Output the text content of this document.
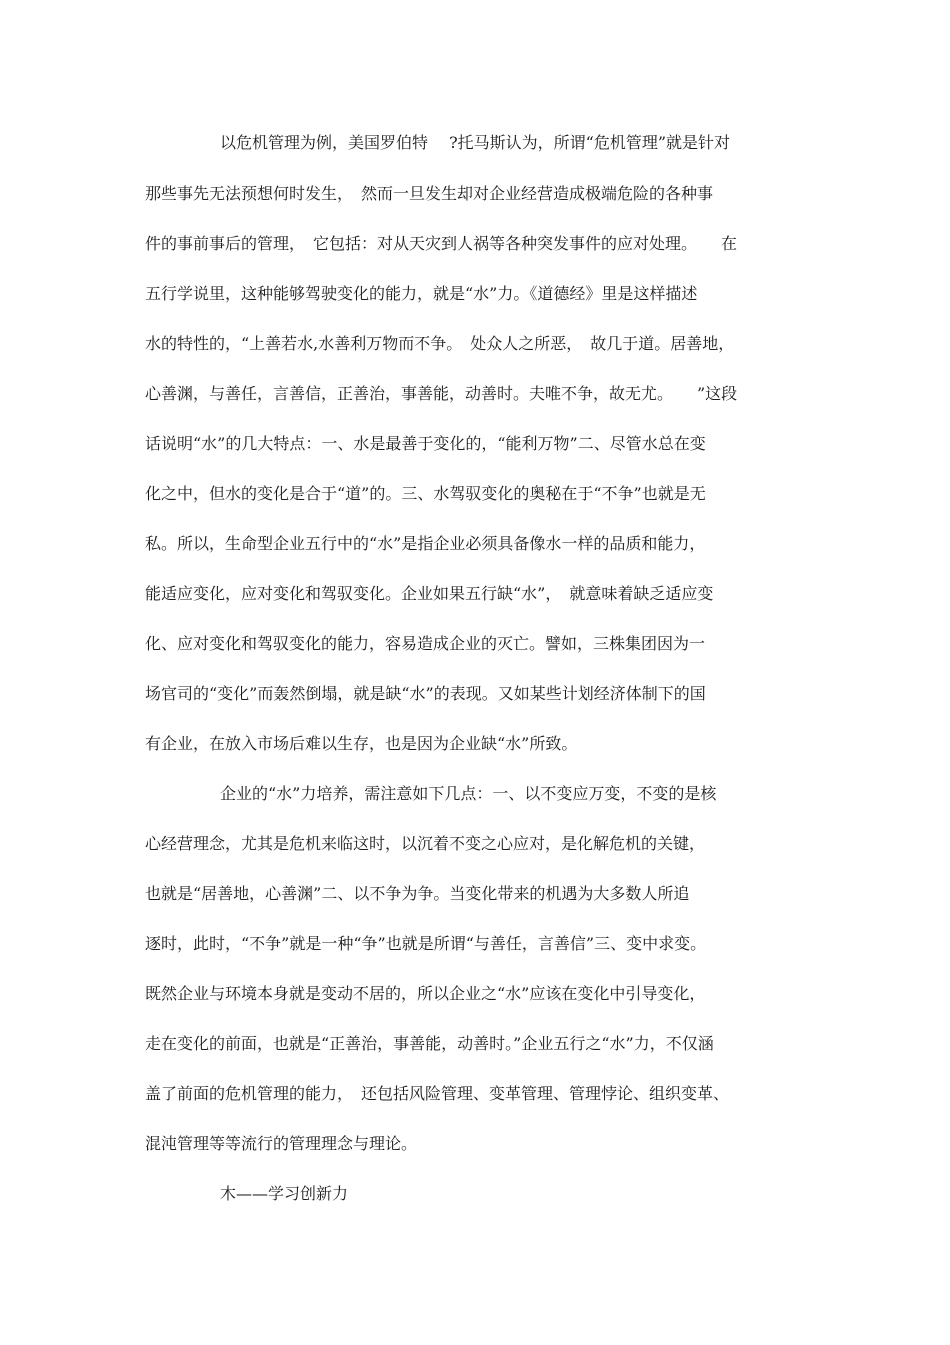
以危机管理为例，美国罗伯特　 ?托马斯认为，所谓“危机管理”就是针对
那些事先无法预想何时发生，　然而一旦发生却对企业经营造成极端危险的各种事
件的事前事后的管理，　它包括：对从天灾到人祸等各种突发事件的应对处理。　　在
五行学说里，这种能够驾驶变化的能力，就是“水”力。《道德经》里是这样描述
水的特性的，“上善若水,水善利万物而不争。　处众人之所恶，　故几于道。居善地，
心善渊，与善任，言善信，正善治，事善能，动善时。夫唯不争，故无尤。　　”这段
话说明“水”的几大特点：一、水是最善于变化的，“能利万物”二、尽管水总在变
化之中，但水的变化是合于“道”的。三、水驾驭变化的奥秘在于“不争”也就是无
私。所以，生命型企业五行中的“水”是指企业必须具备像水一样的品质和能力，
能适应变化，应对变化和驾驭变化。企业如果五行缺“水”，　就意味着缺乏适应变
化、应对变化和驾驭变化的能力，容易造成企业的灭亡。譬如，三株集团因为一
场官司的“变化”而轰然倒塌，就是缺“水”的表现。又如某些计划经济体制下的国
有企业，在放入市场后难以生存，也是因为企业缺“水”所致。
企业的“水”力培养，需注意如下几点：一、以不变应万变，不变的是核
心经营理念，尤其是危机来临这时，以沉着不变之心应对，是化解危机的关键，
也就是“居善地，心善渊”二、以不争为争。当变化带来的机遇为大多数人所追
逐时，此时，“不争”就是一种“争”也就是所谓“与善任，言善信”三、变中求变。
既然企业与环境本身就是变动不居的，所以企业之“水”应该在变化中引导变化，
走在变化的前面，也就是“正善治，事善能，动善时。”企业五行之“水”力，不仅涵
盖了前面的危机管理的能力，　还包括风险管理、变革管理、管理悖论、组织变革、
混沌管理等等流行的管理理念与理论。
木——学习创新力
